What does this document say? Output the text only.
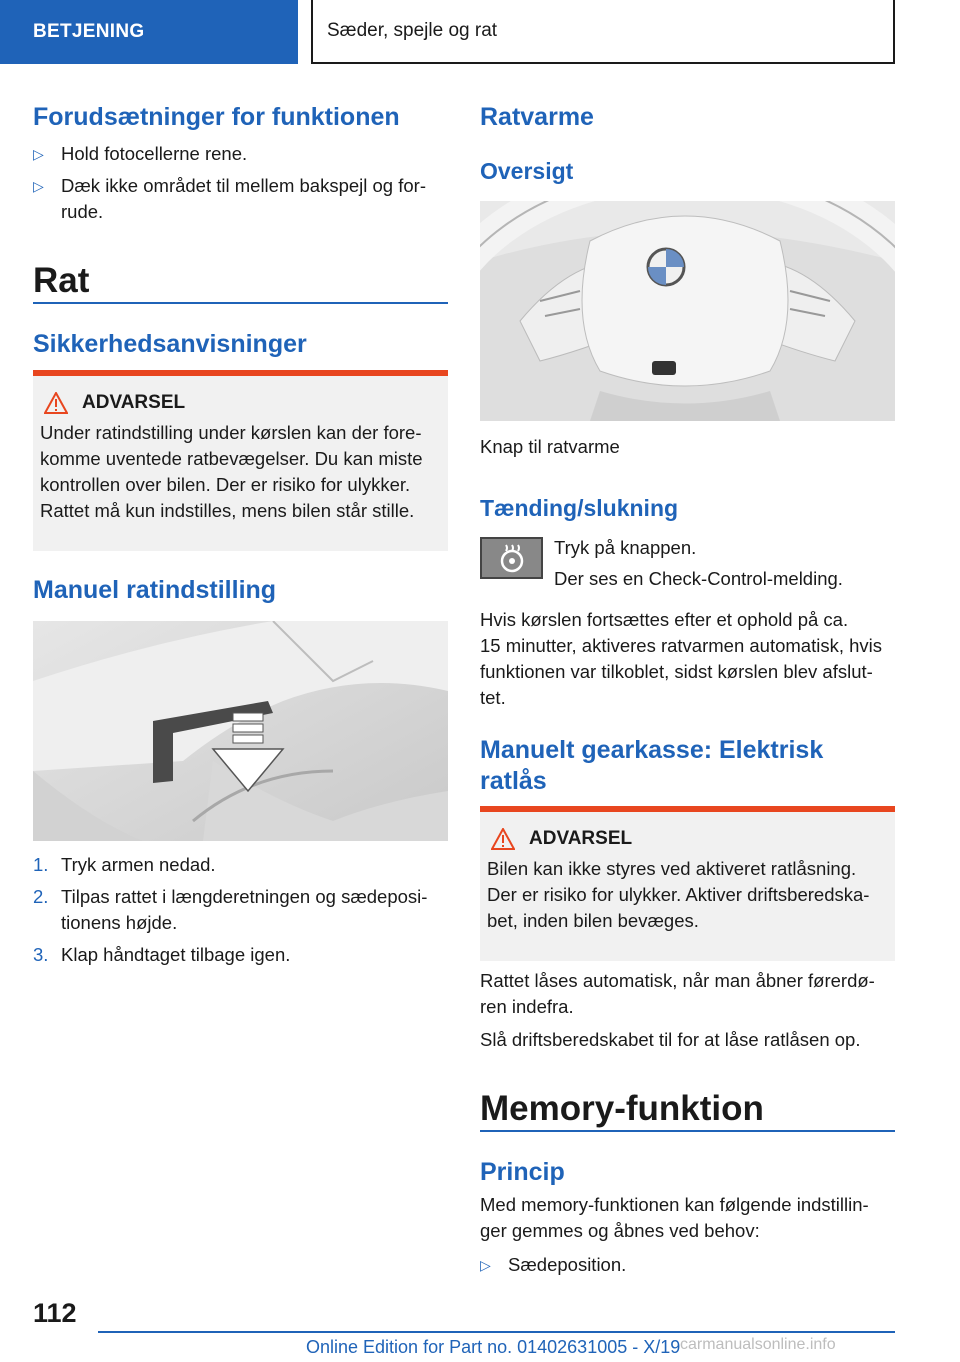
BETJENING	Sæder, spejle og rat
Forudsætninger for funktionen
▷ Hold fotocellerne rene.
▷ Dæk ikke området til mellem bakspejl og for-
rude.
Rat
Sikkerhedsanvisninger
ADVARSEL
Under ratindstilling under kørslen kan der fore-
komme uventede ratbevægelser. Du kan miste
kontrollen over bilen. Der er risiko for ulykker.
Rattet må kun indstilles, mens bilen står stille.
Manuel ratindstilling
1. Tryk armen nedad.
2. Tilpas rattet i længderetningen og sædeposi-
tionens højde.
3. Klap håndtaget tilbage igen.
Ratvarme
Oversigt
Knap til ratvarme
Tænding/slukning
Tryk på knappen.
Der ses en Check-Control-melding.
Hvis kørslen fortsættes efter et ophold på ca.
15 minutter, aktiveres ratvarmen automatisk, hvis
funktionen var tilkoblet, sidst kørslen blev afslut-
tet.
Manuelt gearkasse: Elektrisk
ratlås
ADVARSEL
Bilen kan ikke styres ved aktiveret ratlåsning.
Der er risiko for ulykker. Aktiver driftsberedska-
bet, inden bilen bevæges.
Rattet låses automatisk, når man åbner førerdø-
ren indefra.
Slå driftsberedskabet til for at låse ratlåsen op.
Memory-funktion
Princip
Med memory-funktionen kan følgende indstillin-
ger gemmes og åbnes ved behov:
▷ Sædeposition.
112
Online Edition for Part no. 01402631005 - X/19 carmanualsonline.info
